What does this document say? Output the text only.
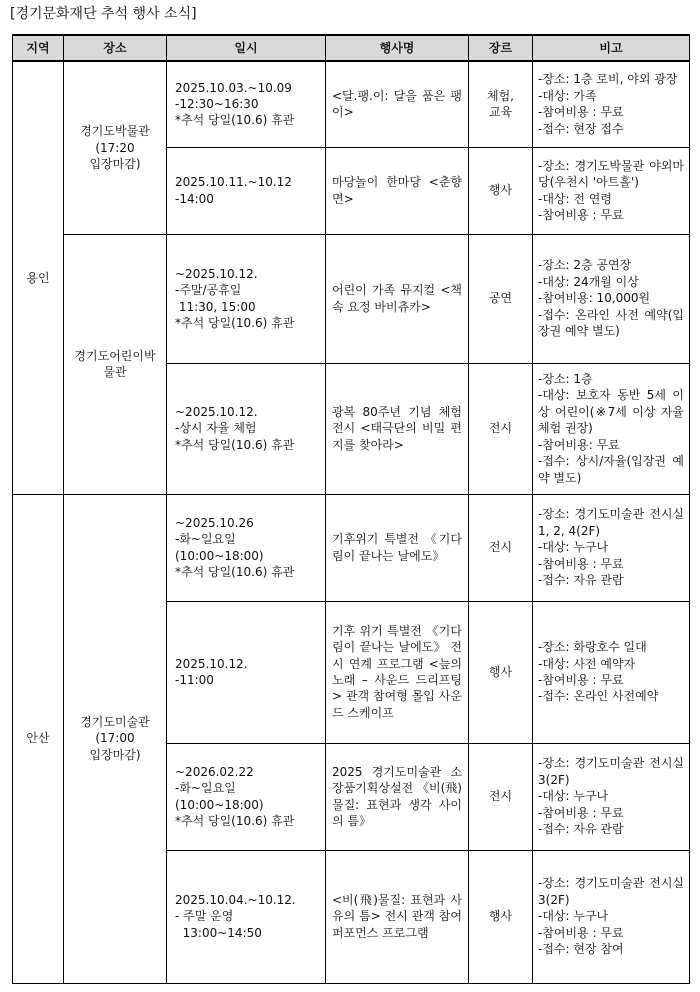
[경기문화재단 추석 행사 소식]
지역	장소	일시	행사명	장르	비고
용인	경기도박물관
(17:20
입장마감)	2025.10.03.~10.09
-12:30~16:30
*추석 당일(10.6) 휴관	<달.팽.이: 달을 품은 팽이>	체험,
교육	-장소: 1층 로비, 야외 광장
-대상: 가족
-참여비용 : 무료
-접수: 현장 접수
		2025.10.11.~10.12
-14:00	마당놀이 한마당 <춘향면>	행사	-장소: 경기도박물관 야외마당(우천시 '아트홀')
-대상: 전 연령
-참여비용 : 무료

	경기도어린이박
물관	~2025.10.12.
-주말/공휴일
11:30, 15:00
*추석 당일(10.6) 휴관	어린이 가족 뮤지컬 <책 속 요정 바비츄카>	공연	-장소: 2층 공연장
-대상: 24개월 이상
-참여비용: 10,000원
-접수: 온라인 사전 예약(입장권 예약 별도)
		~2025.10.12.
-상시 자율 체험
*추석 당일(10.6) 휴관	광복 80주년 기념 체험 전시 <태극단의 비밀 편지를 찾아라>	전시	-장소: 1층
-대상: 보호자 동반 5세 이상 어린이(※7세 이상 자율 체험 권장)
-참여비용: 무료
-접수: 상시/자율(입장권 예약 별도)
안산	경기도미술관
(17:00
입장마감)	~2025.10.26
-화~일요일
(10:00~18:00)
*추석 당일(10.6) 휴관	기후위기 특별전 《기다림이 끝나는 날에도》	전시	-장소: 경기도미술관 전시실 1, 2, 4(2F)
-대상: 누구나
-참여비용 : 무료
-접수: 자유 관람
		2025.10.12.
-11:00	기후 위기 특별전 《기다림이 끝나는 날에도》 전시 연계 프로그램 <늪의 노래 – 사운드 드리프팅> 관객 참여형 몰입 사운드 스케이프	행사	-장소: 화랑호수 일대
-대상: 사전 예약자
-참여비용 : 무료
-접수: 온라인 사전예약
		~2026.02.22
-화~일요일
(10:00~18:00)
*추석 당일(10.6) 휴관	2025 경기도미술관 소장품기획상설전 《비(飛)물질: 표현과 생각 사이의 틈》	전시	-장소: 경기도미술관 전시실 3(2F)
-대상: 누구나
-참여비용 : 무료
-접수: 자유 관람
		2025.10.04.~10.12.
- 주말 운영
13:00~14:50	<비(飛)물질: 표현과 사유의 틈> 전시 관객 참여 퍼포먼스 프로그램	행사	-장소: 경기도미술관 전시실 3(2F)
-대상: 누구나
-참여비용 : 무료
-접수: 현장 참여
